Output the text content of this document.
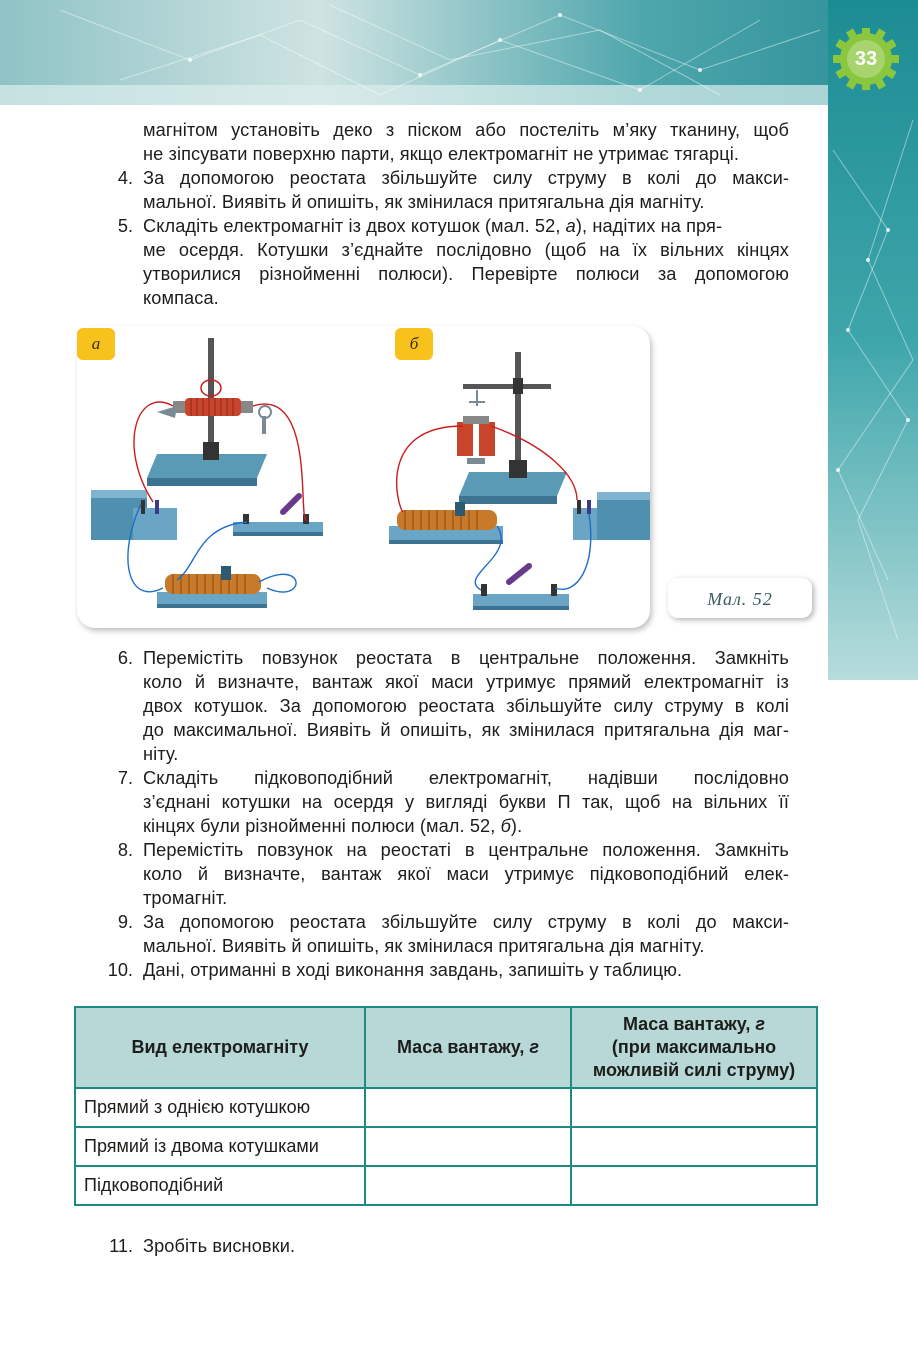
33
магнітом установіть деко з піском або постеліть м’яку тканину, щоб
не зіпсувати поверхню парти, якщо електромагніт не утримає тягарці.
4. За допомогою реостата збільшуйте силу струму в колі до макси-
мальної. Виявіть й опишіть, як змінилася притягальна дія магніту.
5. Складіть електромагніт із двох котушок (мал. 52, а), надітих на пря-
ме осердя. Котушки з’єднайте послідовно (щоб на їх вільних кінцях
утворилися різнойменні полюси). Перевірте полюси за допомогою
компаса.
а	б
Мал. 52
6. Перемістіть повзунок реостата в центральне положення. Замкніть
коло й визначте, вантаж якої маси утримує прямий електромагніт із
двох котушок. За допомогою реостата збільшуйте силу струму в колі
до максимальної. Виявіть й опишіть, як змінилася притягальна дія маг-
ніту.
7. Складіть підковоподібний електромагніт, надівши послідовно
з’єднані котушки на осердя у вигляді букви П так, щоб на вільних її
кінцях були різнойменні полюси (мал. 52, б).
8. Перемістіть повзунок на реостаті в центральне положення. Замкніть
коло й визначте, вантаж якої маси утримує підковоподібний елек-
тромагніт.
9. За допомогою реостата збільшуйте силу струму в колі до макси-
мальної. Виявіть й опишіть, як змінилася притягальна дія магніту.
10. Дані, отриманні в ході виконання завдань, запишіть у таблицю.
Вид електромагніту	Маса вантажу, г	Маса вантажу, г
(при максимально
можливій силі струму)
Прямий з однією котушкою		
Прямий із двома котушками		
Підковоподібний		
11. Зробіть висновки.
